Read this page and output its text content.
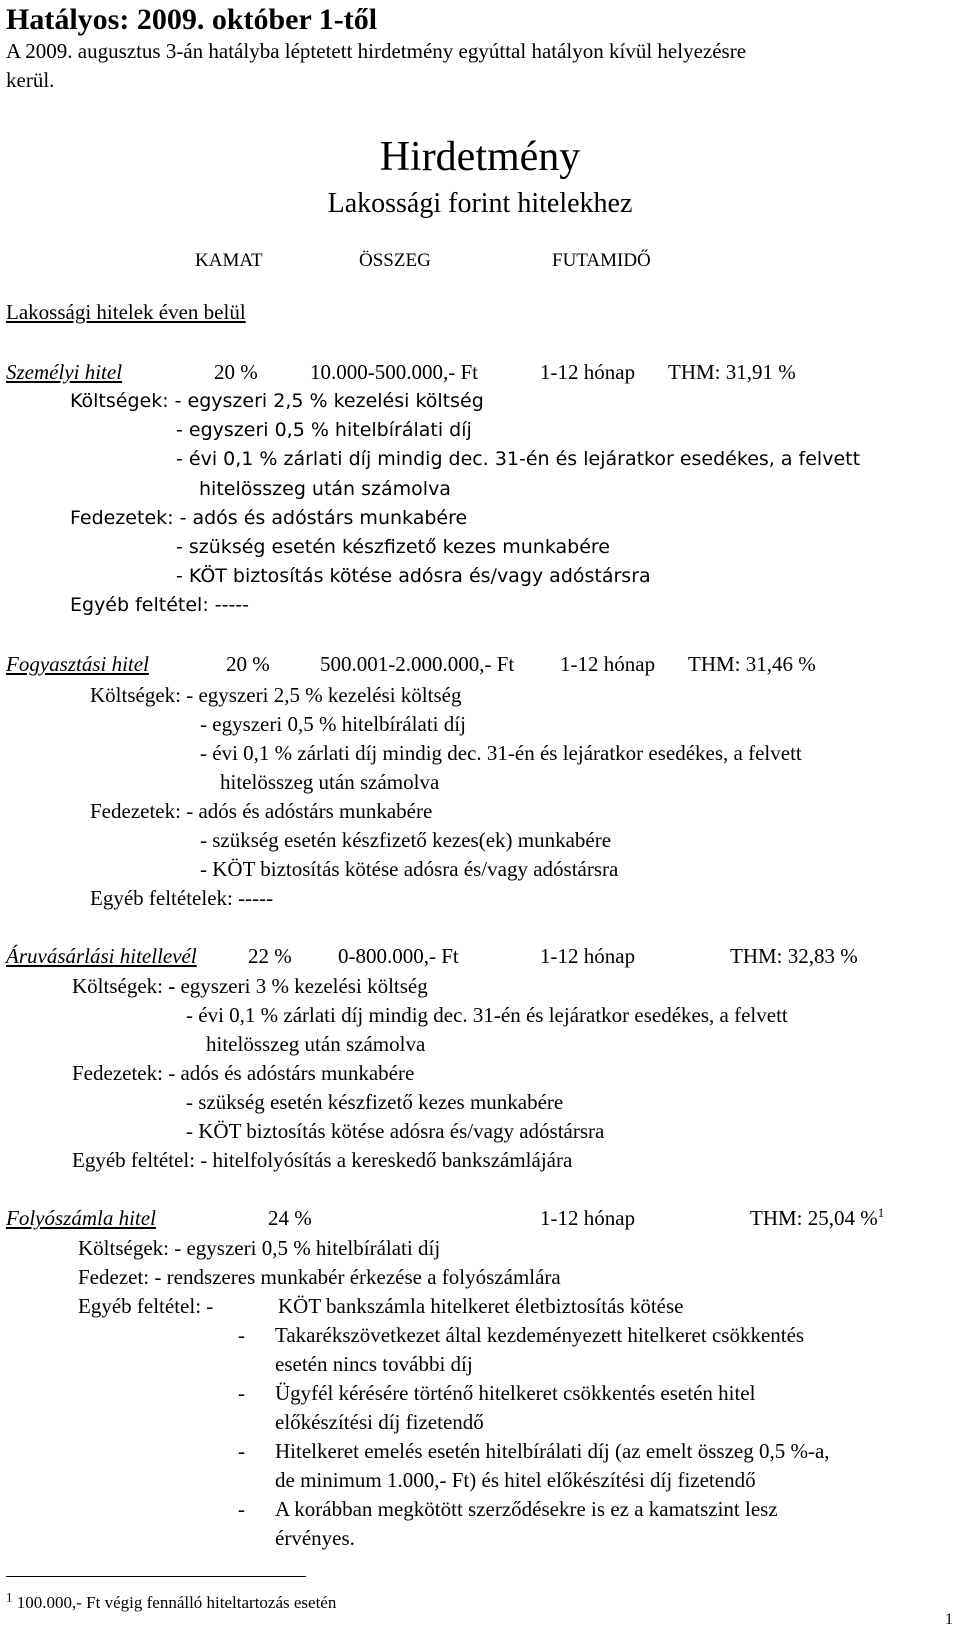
Hatályos: 2009. október 1-től
A 2009. augusztus 3-án hatályba léptetett hirdetmény egyúttal hatályon kívül helyezésre
kerül.
Hirdetmény
Lakossági forint hitelekhez
KAMAT	ÖSSZEG	FUTAMIDŐ
Lakossági hitelek éven belül
Személyi hitel	20 % 10.000-500.000,- Ft	1-12 hónap THM: 31,91 %
Költségek: - egyszeri 2,5 % kezelési költség
- egyszeri 0,5 % hitelbírálati díj
- évi 0,1 % zárlati díj mindig dec. 31-én és lejáratkor esedékes, a felvett
hitelösszeg után számolva
Fedezetek: - adós és adóstárs munkabére
- szükség esetén készfizető kezes munkabére
- KÖT biztosítás kötése adósra és/vagy adóstársra
Egyéb feltétel: -----
Fogyasztási hitel	20 % 500.001-2.000.000,- Ft 1-12 hónap THM: 31,46 %
Költségek: - egyszeri 2,5 % kezelési költség
- egyszeri 0,5 % hitelbírálati díj
- évi 0,1 % zárlati díj mindig dec. 31-én és lejáratkor esedékes, a felvett
hitelösszeg után számolva
Fedezetek: - adós és adóstárs munkabére
- szükség esetén készfizető kezes(ek) munkabére
- KÖT biztosítás kötése adósra és/vagy adóstársra
Egyéb feltételek: -----
Áruvásárlási hitellevél 22 % 0-800.000,- Ft	1-12 hónap	THM: 32,83 %
Költségek: - egyszeri 3 % kezelési költség
- évi 0,1 % zárlati díj mindig dec. 31-én és lejáratkor esedékes, a felvett
hitelösszeg után számolva
Fedezetek: - adós és adóstárs munkabére
- szükség esetén készfizető kezes munkabére
- KÖT biztosítás kötése adósra és/vagy adóstársra
Egyéb feltétel: - hitelfolyósítás a kereskedő bankszámlájára
Folyószámla hitel	24 %	1-12 hónap	THM: 25,04 %$^1$
Költségek: - egyszeri 0,5 % hitelbírálati díj
Fedezet: - rendszeres munkabér érkezése a folyószámlára
Egyéb feltétel: -	KÖT bankszámla hitelkeret életbiztosítás kötése
- Takarékszövetkezet által kezdeményezett hitelkeret csökkentés
esetén nincs további díj
- Ügyfél kérésére történő hitelkeret csökkentés esetén hitel
előkészítési díj fizetendő
- Hitelkeret emelés esetén hitelbírálati díj (az emelt összeg 0,5 %-a,
de minimum 1.000,- Ft) és hitel előkészítési díj fizetendő
- A korábban megkötött szerződésekre is ez a kamatszint lesz
érvényes.
$^1$ 100.000,- Ft végig fennálló hiteltartozás esetén
1
